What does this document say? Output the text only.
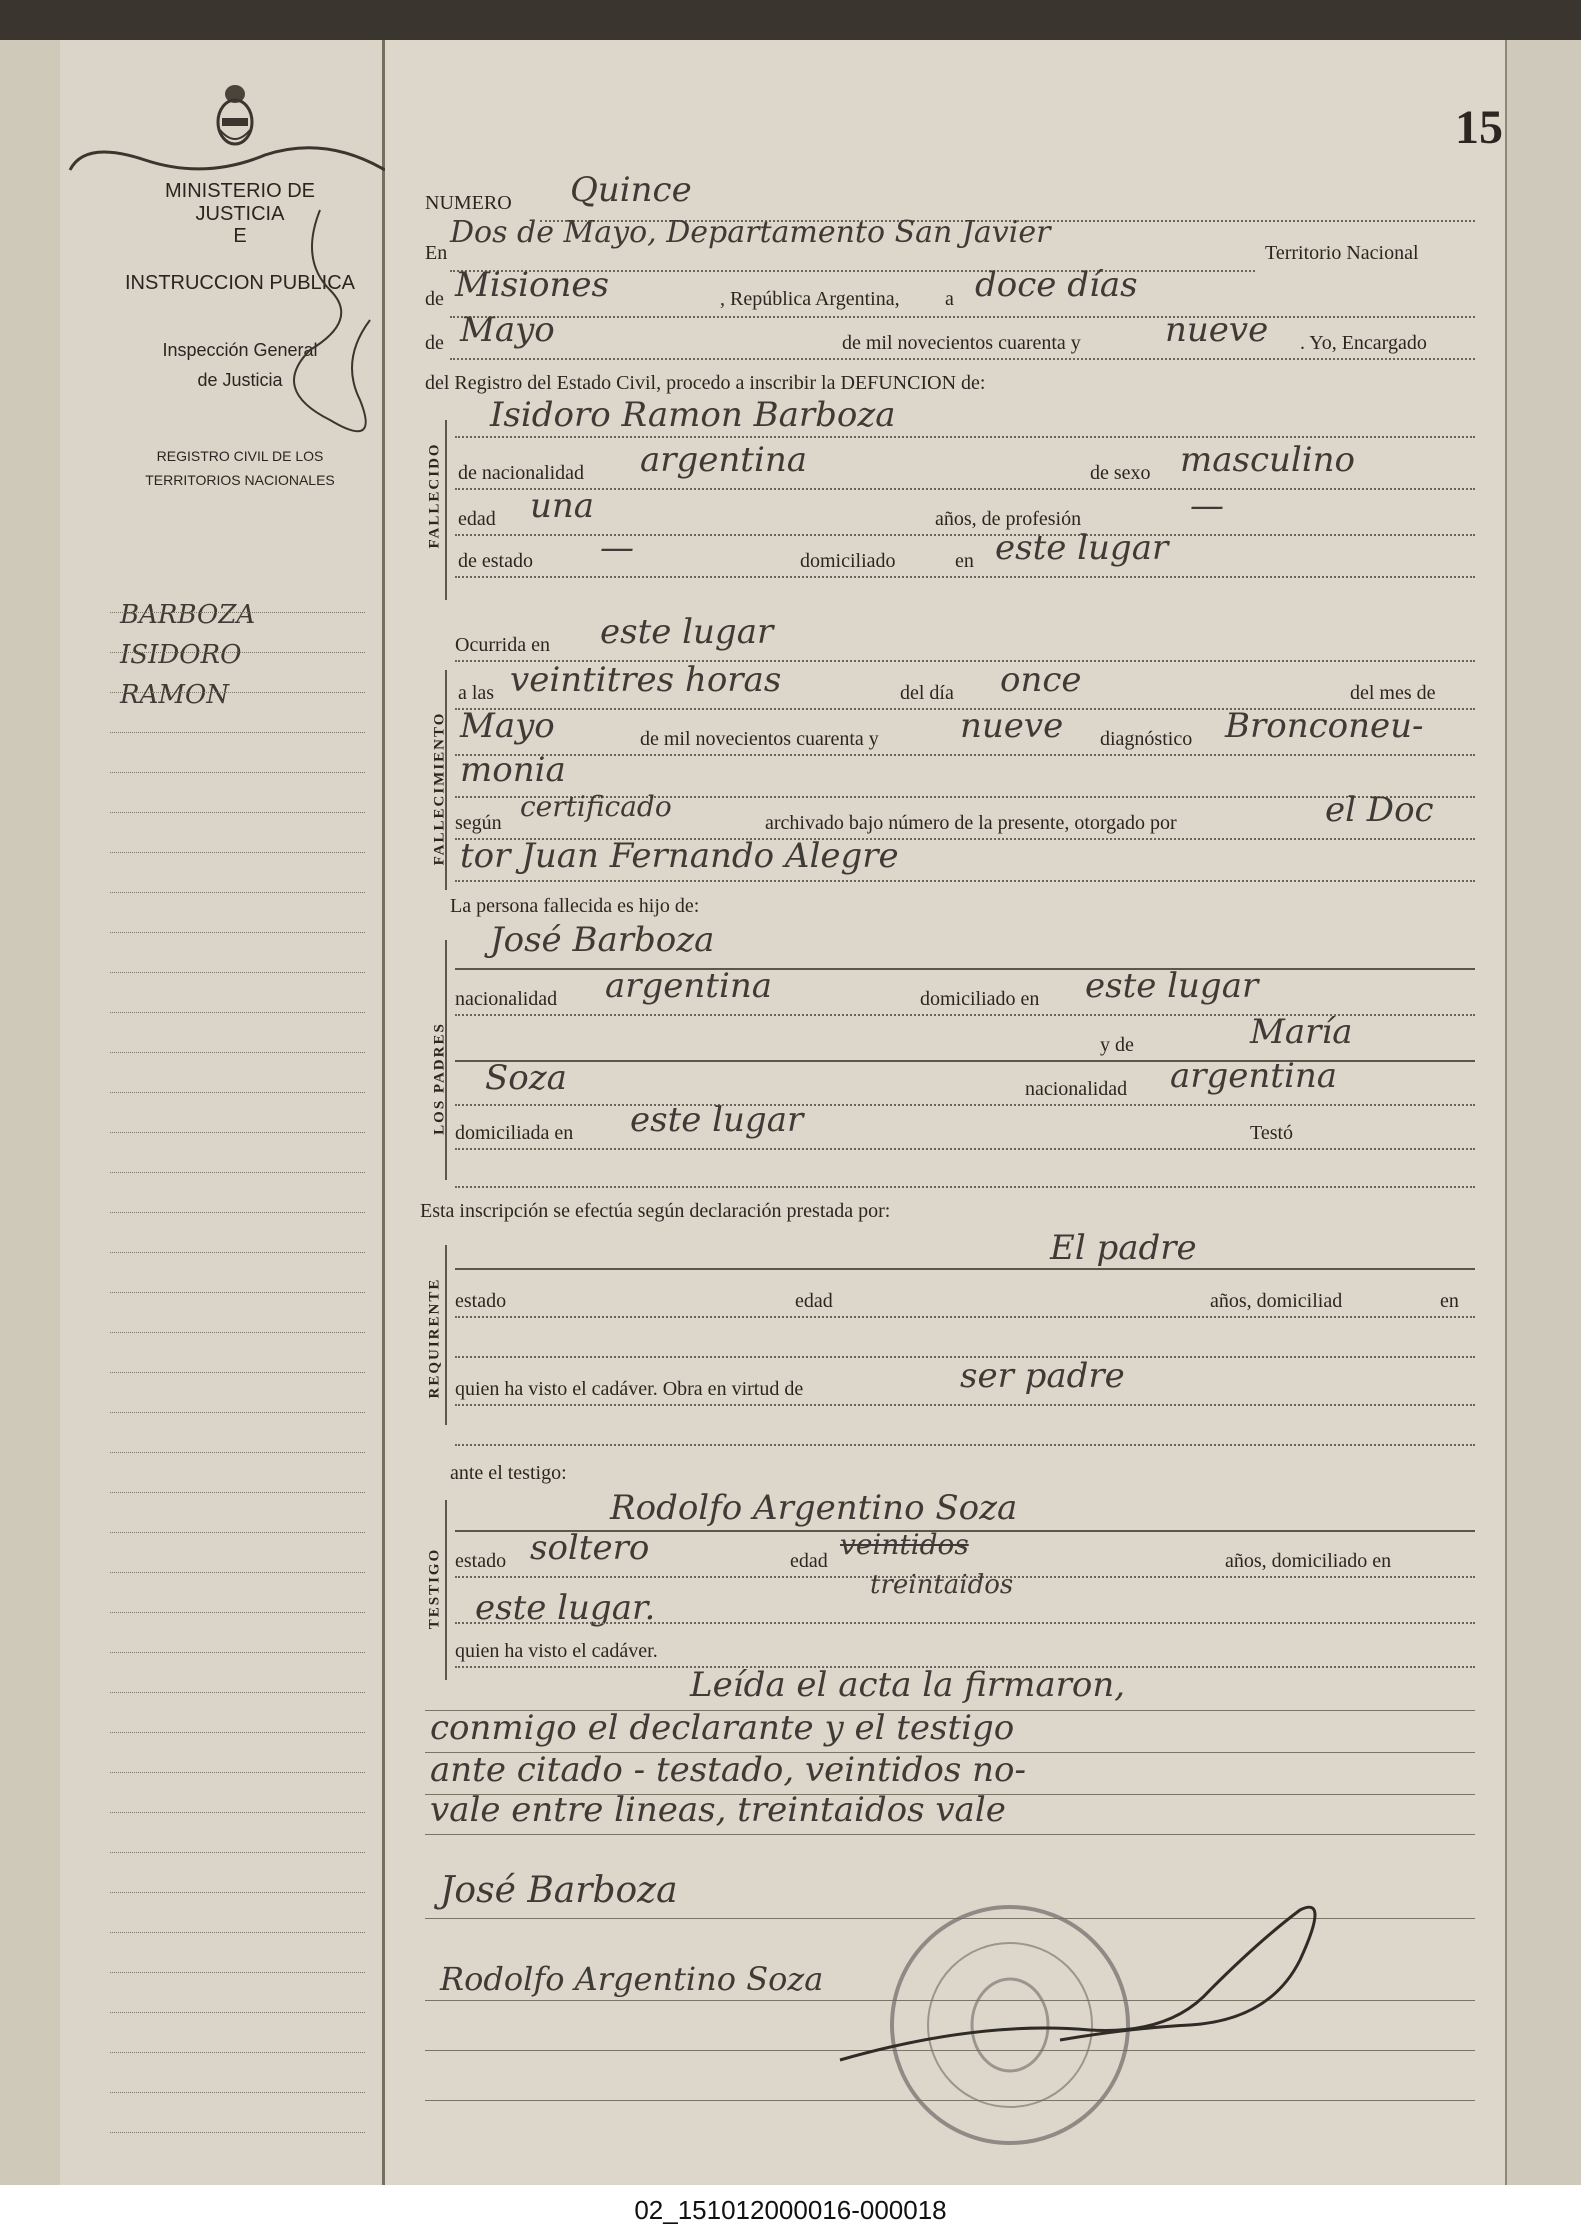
MINISTERIO DE JUSTICIA
E
INSTRUCCION PUBLICA
Inspección General
de Justicia
REGISTRO CIVIL DE LOS
TERRITORIOS NACIONALES
BARBOZA
ISIDORO
RAMON
15
FALLECIDO
FALLECIMIENTO
LOS PADRES
REQUIRENTE
TESTIGO
NUMERO Quince
En
Dos de Mayo, Departamento San Javier
Territorio Nacional
de Misiones	, República Argentina, a doce días
de Mayo	de mil novecientos cuarenta y nueve . Yo, Encargado
del Registro del Estado Civil, procedo a inscribir la DEFUNCION de:
Isidoro Ramon Barboza
de nacionalidad argentina	de sexo masculino
edad una	años, de profesión	—
de estado —	domiciliado	en este lugar
Ocurrida en este lugar
a las veintitres horas	del día once	del mes de
Mayo	de mil novecientos cuarenta y nueve diagnóstico Bronconeu-
monia
según certificado	archivado bajo número de la presente, otorgado por	el Doc
tor Juan Fernando Alegre
La persona fallecida es hijo de:
José Barboza
nacionalidad argentina	domiciliado en este lugar
y de	María
Soza	nacionalidad argentina
domiciliada en este lugar	Testó
Esta inscripción se efectúa según declaración prestada por:
El padre
estado	edad	años, domiciliad	en
quien ha visto el cadáver. Obra en virtud de	ser padre
ante el testigo:
Rodolfo Argentino Soza
estado soltero	edad veintidos	años, domiciliado en
treintaidos
este lugar.
quien ha visto el cadáver.
Leída el acta la firmaron,
conmigo el declarante y el testigo
ante citado - testado, veintidos no-
vale entre lineas, treintaidos vale
José Barboza
Rodolfo Argentino Soza
02_151012000016-000018
